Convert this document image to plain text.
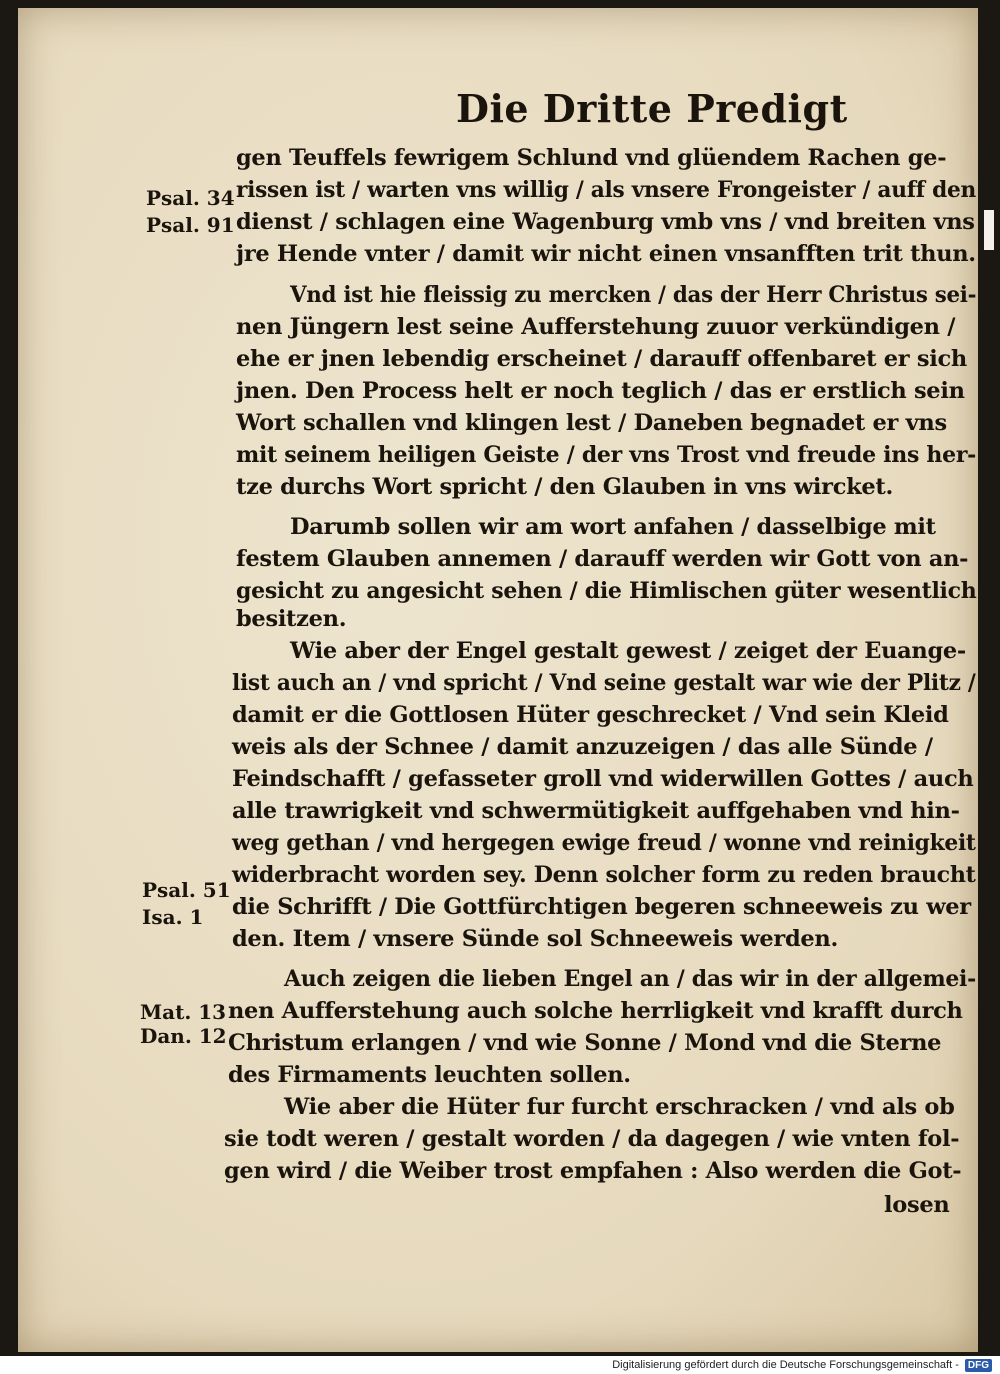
Die Dritte Predigt
Psal. 34
Psal. 91
Psal. 51
Isa. 1
Mat. 13
Dan. 12
gen Teuffels fewrigem Schlund vnd glüendem Rachen ge-
rissen ist / warten vns willig / als vnsere Frongeister / auff den
dienst / schlagen eine Wagenburg vmb vns / vnd breiten vns
jre Hende vnter / damit wir nicht einen vnsanfften trit thun.
Vnd ist hie fleissig zu mercken / das der Herr Christus sei-
nen Jüngern lest seine Aufferstehung zuuor verkündigen /
ehe er jnen lebendig erscheinet / darauff offenbaret er sich
jnen. Den Process helt er noch teglich / das er erstlich sein
Wort schallen vnd klingen lest / Daneben begnadet er vns
mit seinem heiligen Geiste / der vns Trost vnd freude ins her-
tze durchs Wort spricht / den Glauben in vns wircket.
Darumb sollen wir am wort anfahen / dasselbige mit
festem Glauben annemen / darauff werden wir Gott von an-
gesicht zu angesicht sehen / die Himlischen güter wesentlich
besitzen.
Wie aber der Engel gestalt gewest / zeiget der Euange-
list auch an / vnd spricht / Vnd seine gestalt war wie der Plitz /
damit er die Gottlosen Hüter geschrecket / Vnd sein Kleid
weis als der Schnee / damit anzuzeigen / das alle Sünde /
Feindschafft / gefasseter groll vnd widerwillen Gottes / auch
alle trawrigkeit vnd schwermütigkeit auffgehaben vnd hin-
weg gethan / vnd hergegen ewige freud / wonne vnd reinigkeit
widerbracht worden sey. Denn solcher form zu reden braucht
die Schrifft / Die Gottfürchtigen begeren schneeweis zu wer
den. Item / vnsere Sünde sol Schneeweis werden.
Auch zeigen die lieben Engel an / das wir in der allgemei-
nen Aufferstehung auch solche herrligkeit vnd krafft durch
Christum erlangen / vnd wie Sonne / Mond vnd die Sterne
des Firmaments leuchten sollen.
Wie aber die Hüter fur furcht erschracken / vnd als ob
sie todt weren / gestalt worden / da dagegen / wie vnten fol-
gen wird / die Weiber trost empfahen : Also werden die Got-
losen
Digitalisierung gefördert durch die Deutsche Forschungsgemeinschaft - DFG
